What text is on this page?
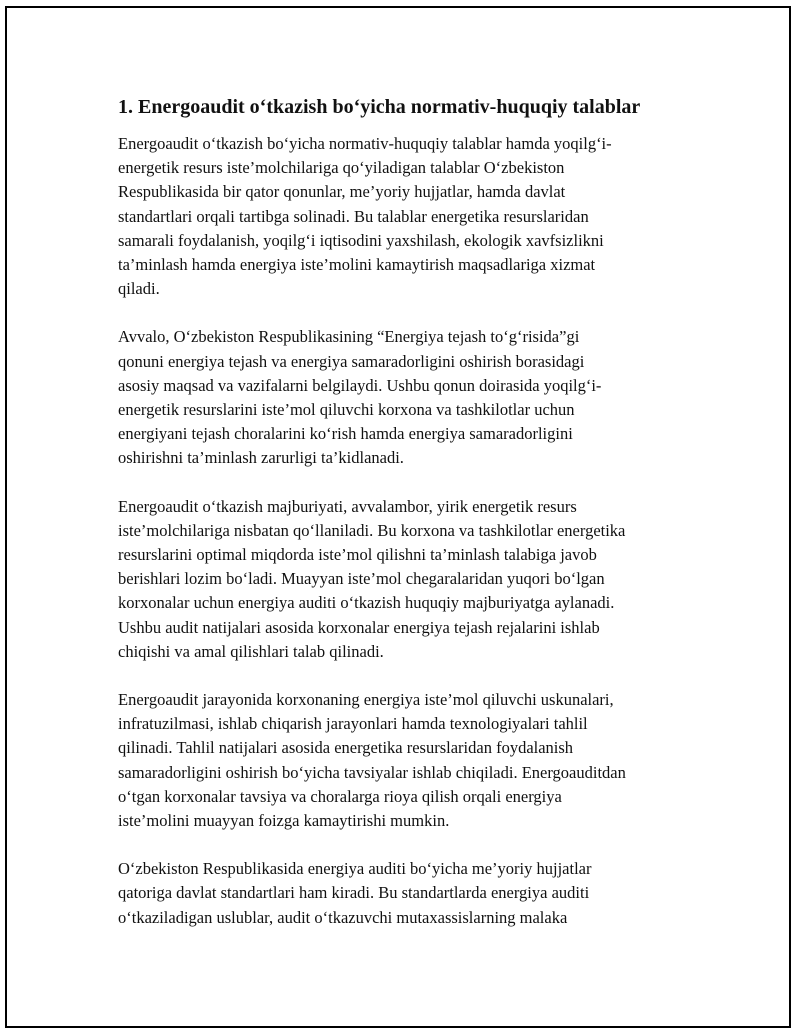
1. Energoaudit o‘tkazish bo‘yicha normativ-huquqiy talablar

Energoaudit o‘tkazish bo‘yicha normativ-huquqiy talablar hamda yoqilg‘i-
energetik resurs iste’molchilariga qo‘yiladigan talablar O‘zbekiston
Respublikasida bir qator qonunlar, me’yoriy hujjatlar, hamda davlat
standartlari orqali tartibga solinadi. Bu talablar energetika resurslaridan
samarali foydalanish, yoqilg‘i iqtisodini yaxshilash, ekologik xavfsizlikni
ta’minlash hamda energiya iste’molini kamaytirish maqsadlariga xizmat
qiladi.

Avvalo, O‘zbekiston Respublikasining “Energiya tejash to‘g‘risida”gi
qonuni energiya tejash va energiya samaradorligini oshirish borasidagi
asosiy maqsad va vazifalarni belgilaydi. Ushbu qonun doirasida yoqilg‘i-
energetik resurslarini iste’mol qiluvchi korxona va tashkilotlar uchun
energiyani tejash choralarini ko‘rish hamda energiya samaradorligini
oshirishni ta’minlash zarurligi ta’kidlanadi.

Energoaudit o‘tkazish majburiyati, avvalambor, yirik energetik resurs
iste’molchilariga nisbatan qo‘llaniladi. Bu korxona va tashkilotlar energetika
resurslarini optimal miqdorda iste’mol qilishni ta’minlash talabiga javob
berishlari lozim bo‘ladi. Muayyan iste’mol chegaralaridan yuqori bo‘lgan
korxonalar uchun energiya auditi o‘tkazish huquqiy majburiyatga aylanadi.
Ushbu audit natijalari asosida korxonalar energiya tejash rejalarini ishlab
chiqishi va amal qilishlari talab qilinadi.

Energoaudit jarayonida korxonaning energiya iste’mol qiluvchi uskunalari,
infratuzilmasi, ishlab chiqarish jarayonlari hamda texnologiyalari tahlil
qilinadi. Tahlil natijalari asosida energetika resurslaridan foydalanish
samaradorligini oshirish bo‘yicha tavsiyalar ishlab chiqiladi. Energoauditdan
o‘tgan korxonalar tavsiya va choralarga rioya qilish orqali energiya
iste’molini muayyan foizga kamaytirishi mumkin.

O‘zbekiston Respublikasida energiya auditi bo‘yicha me’yoriy hujjatlar
qatoriga davlat standartlari ham kiradi. Bu standartlarda energiya auditi
o‘tkaziladigan uslublar, audit o‘tkazuvchi mutaxassislarning malaka
